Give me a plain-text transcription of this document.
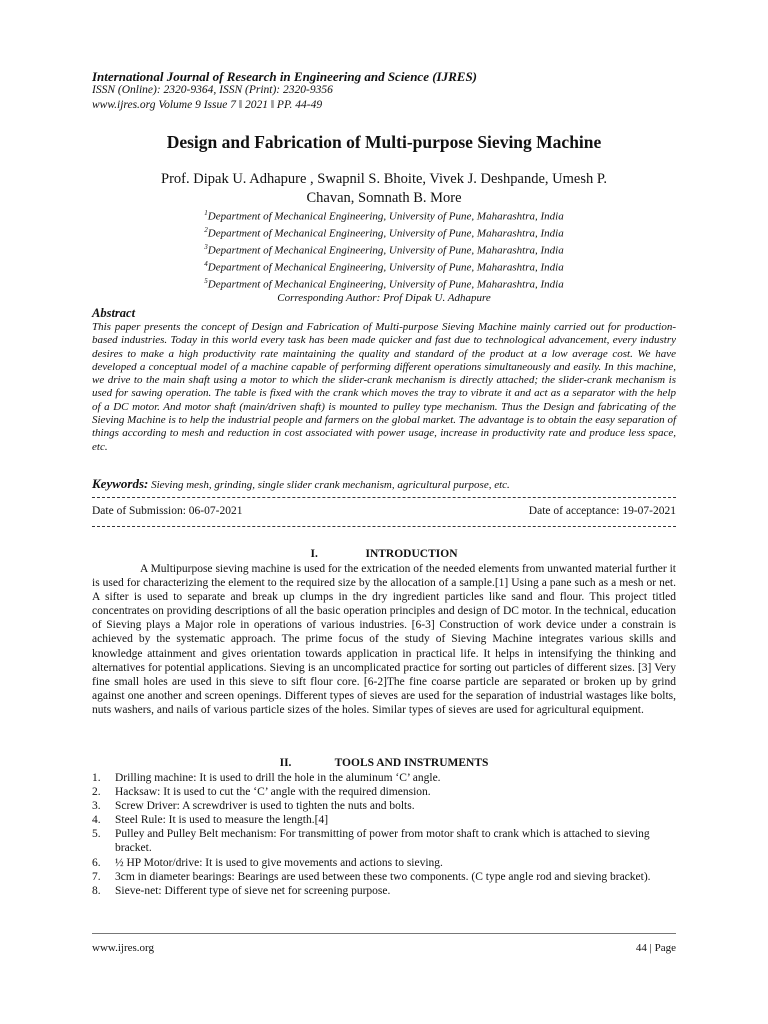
International Journal of Research in Engineering and Science (IJRES)
ISSN (Online): 2320-9364, ISSN (Print): 2320-9356
www.ijres.org Volume 9 Issue 7 ǁ 2021 ǁ PP. 44-49
Design and Fabrication of Multi-purpose Sieving Machine
Prof. Dipak U. Adhapure , Swapnil S. Bhoite, Vivek J. Deshpande, Umesh P.
Chavan, Somnath B. More
$^1$Department of Mechanical Engineering, University of Pune, Maharashtra, India
$^2$Department of Mechanical Engineering, University of Pune, Maharashtra, India
$^3$Department of Mechanical Engineering, University of Pune, Maharashtra, India
$^4$Department of Mechanical Engineering, University of Pune, Maharashtra, India
$^5$Department of Mechanical Engineering, University of Pune, Maharashtra, India
Corresponding Author: Prof Dipak U. Adhapure
Abstract
This paper presents the concept of Design and Fabrication of Multi-purpose Sieving Machine mainly carried out for production-based industries. Today in this world every task has been made quicker and fast due to technological advancement, every industry desires to make a high productivity rate maintaining the quality and standard of the product at a low average cost. We have developed a conceptual model of a machine capable of performing different operations simultaneously and easily. In this machine, we drive to the main shaft using a motor to which the slider-crank mechanism is directly attached; the slider-crank mechanism is used for sawing operation. The table is fixed with the crank which moves the tray to vibrate it and act as a separator with the help of a DC motor. And motor shaft (main/driven shaft) is mounted to pulley type mechanism. Thus the Design and fabricating of the Sieving Machine is to help the industrial people and farmers on the global market. The advantage is to obtain the easy separation of things according to mesh and reduction in cost associated with power usage, increase in productivity rate and produce less space, etc.
Keywords: Sieving mesh, grinding, single slider crank mechanism, agricultural purpose, etc.
Date of Submission: 06-07-2021	Date of acceptance: 19-07-2021
I.	INTRODUCTION

A Multipurpose sieving machine is used for the extrication of the needed elements from unwanted material further it is used for characterizing the element to the required size by the allocation of a sample.[1] Using a pane such as a mesh or net. A sifter is used to separate and break up clumps in the dry ingredient particles like sand and flour. This project titled concentrates on providing descriptions of all the basic operation principles and design of DC motor. In the technical, education of Sieving plays a Major role in operations of various industries. [6-3] Construction of work device under a constrain is achieved by the systematic approach. The prime focus of the study of Sieving Machine integrates various skills and knowledge attainment and gives orientation towards application in practical life. It helps in intensifying the thinking and alternatives for potential applications. Sieving is an uncomplicated practice for sorting out particles of different sizes. [3] Very fine small holes are used in this sieve to sift flour core. [6-2]The fine coarse particle are separated or broken up by grind against one another and screen openings. Different types of sieves are used for the separation of industrial wastages like bolts, nuts washers, and nails of various particle sizes of the holes. Similar types of sieves are used for agricultural equipment.

II.	TOOLS AND INSTRUMENTS
1. Drilling machine: It is used to drill the hole in the aluminum ‘C’ angle.
2. Hacksaw: It is used to cut the ‘C’ angle with the required dimension.
3. Screw Driver: A screwdriver is used to tighten the nuts and bolts.
4. Steel Rule: It is used to measure the length.[4]
5. Pulley and Pulley Belt mechanism: For transmitting of power from motor shaft to crank which is attached to sieving bracket.
6. ½ HP Motor/drive: It is used to give movements and actions to sieving.
7. 3cm in diameter bearings: Bearings are used between these two components. (C type angle rod and sieving bracket).
8. Sieve-net: Different type of sieve net for screening purpose.
www.ijres.org	44 | Page
